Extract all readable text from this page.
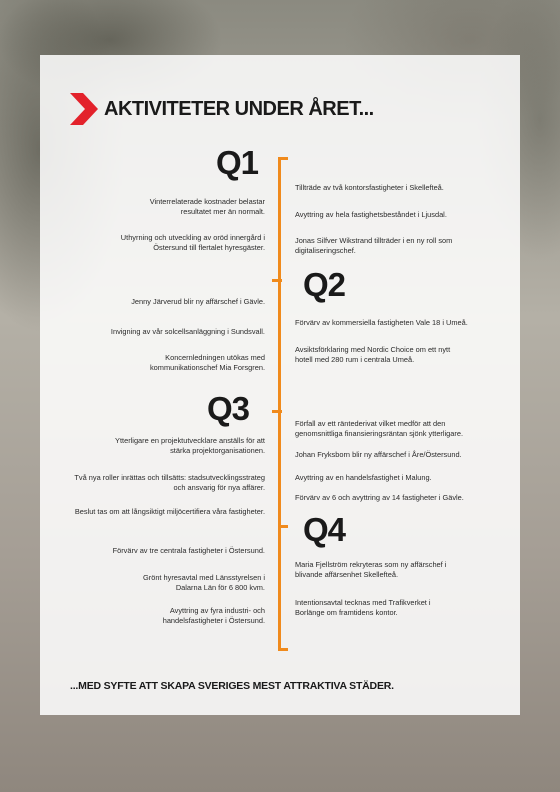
AKTIVITETER UNDER ÅRET...
Q1
Q2
Q3
Q4
Tillträde av två kontorsfastigheter i Skellefteå.
Avyttring av hela fastighetsbeståndet i Ljusdal.
Jonas Silfver Wikstrand tillträder i en ny roll som digitaliseringschef.
Vinterrelaterade kostnader belastar resultatet mer än normalt.
Uthyrning och utveckling av oröd innergård i Östersund till flertalet hyresgäster.
Jenny Järverud blir ny affärschef i Gävle.
Invigning av vår solcellsanläggning i Sundsvall.
Koncernledningen utökas med kommunikationschef Mia Forsgren.
Förvärv av kommersiella fastigheten Vale 18 i Umeå.
Avsiktsförklaring med Nordic Choice om ett nytt hotell med 280 rum i centrala Umeå.
Ytterligare en projektutvecklare anställs för att stärka projektorganisationen.
Två nya roller inrättas och tillsätts: stadsutvecklingsstrateg och ansvarig för nya affärer.
Beslut tas om att långsiktigt miljöcertifiera våra fastigheter.
Förfall av ett räntederivat vilket medför att den genomsnittliga finansieringsräntan sjönk ytterligare.
Johan Fryksborn blir ny affärschef i Åre/Östersund.
Avyttring av en handelsfastighet i Malung.
Förvärv av 6 och avyttring av 14 fastigheter i Gävle.
Förvärv av tre centrala fastigheter i Östersund.
Grönt hyresavtal med Länsstyrelsen i Dalarna Län för 6 800 kvm.
Avyttring av fyra industri- och handelsfastigheter i Östersund.
Maria Fjellström rekryteras som ny affärschef i blivande affärsenhet Skellefteå.
Intentionsavtal tecknas med Trafikverket i Borlänge om framtidens kontor.
...MED SYFTE ATT SKAPA SVERIGES MEST ATTRAKTIVA STÄDER.
